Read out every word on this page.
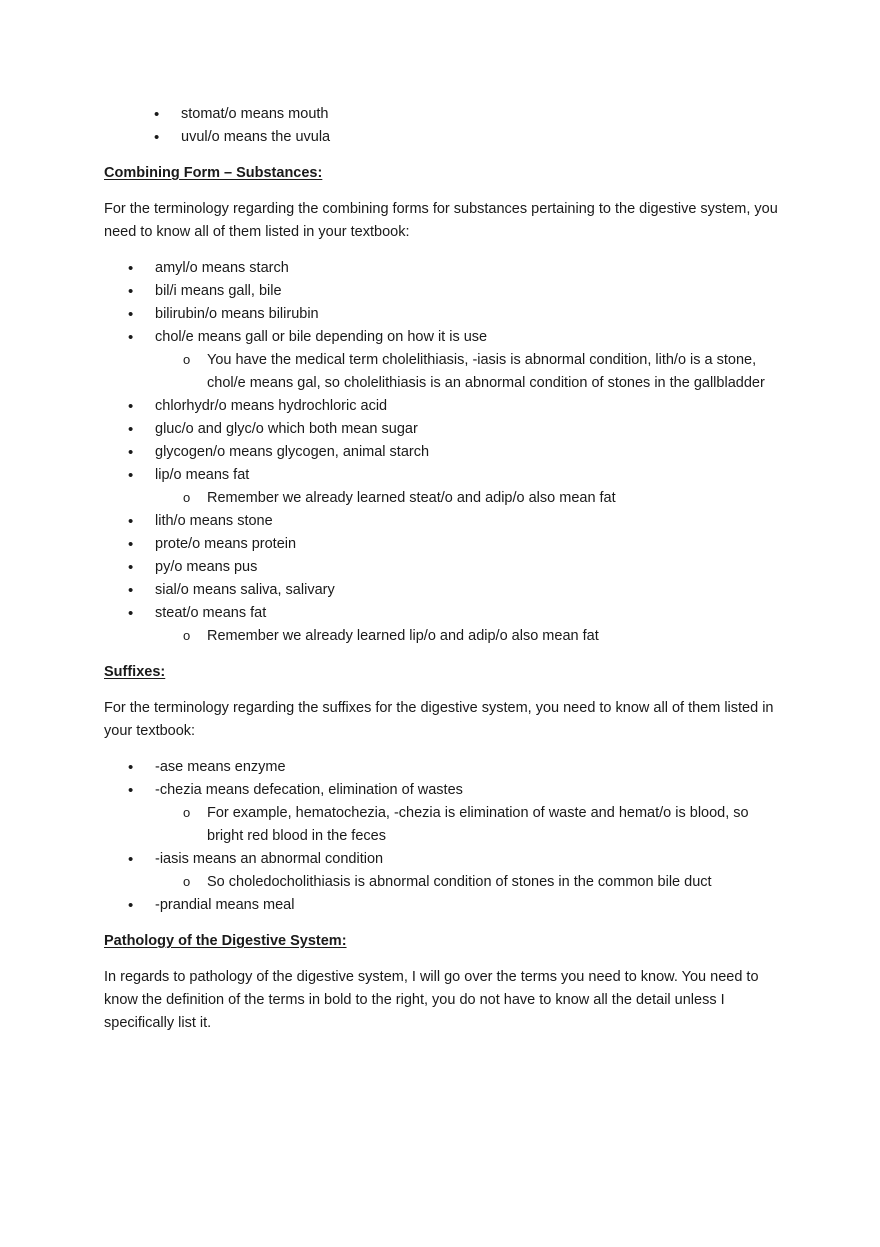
• stomat/o means mouth
• uvul/o means the uvula
Combining Form – Substances:

For the terminology regarding the combining forms for substances pertaining to the digestive system, you need to know all of them listed in your textbook:

• amyl/o means starch
• bil/i means gall, bile
• bilirubin/o means bilirubin
• chol/e means gall or bile depending on how it is use
o You have the medical term cholelithiasis, -iasis is abnormal condition, lith/o is a stone, chol/e means gal, so cholelithiasis is an abnormal condition of stones in the gallbladder
• chlorhydr/o means hydrochloric acid
• gluc/o and glyc/o which both mean sugar
• glycogen/o means glycogen, animal starch
• lip/o means fat
o Remember we already learned steat/o and adip/o also mean fat
• lith/o means stone
• prote/o means protein
• py/o means pus
• sial/o means saliva, salivary
• steat/o means fat
o Remember we already learned lip/o and adip/o also mean fat
Suffixes:

For the terminology regarding the suffixes for the digestive system, you need to know all of them listed in your textbook:

• -ase means enzyme
• -chezia means defecation, elimination of wastes
o For example, hematochezia, -chezia is elimination of waste and hemat/o is blood, so bright red blood in the feces
• -iasis means an abnormal condition
o So choledocholithiasis is abnormal condition of stones in the common bile duct
• -prandial means meal
Pathology of the Digestive System:

In regards to pathology of the digestive system, I will go over the terms you need to know. You need to know the definition of the terms in bold to the right, you do not have to know all the detail unless I specifically list it.
